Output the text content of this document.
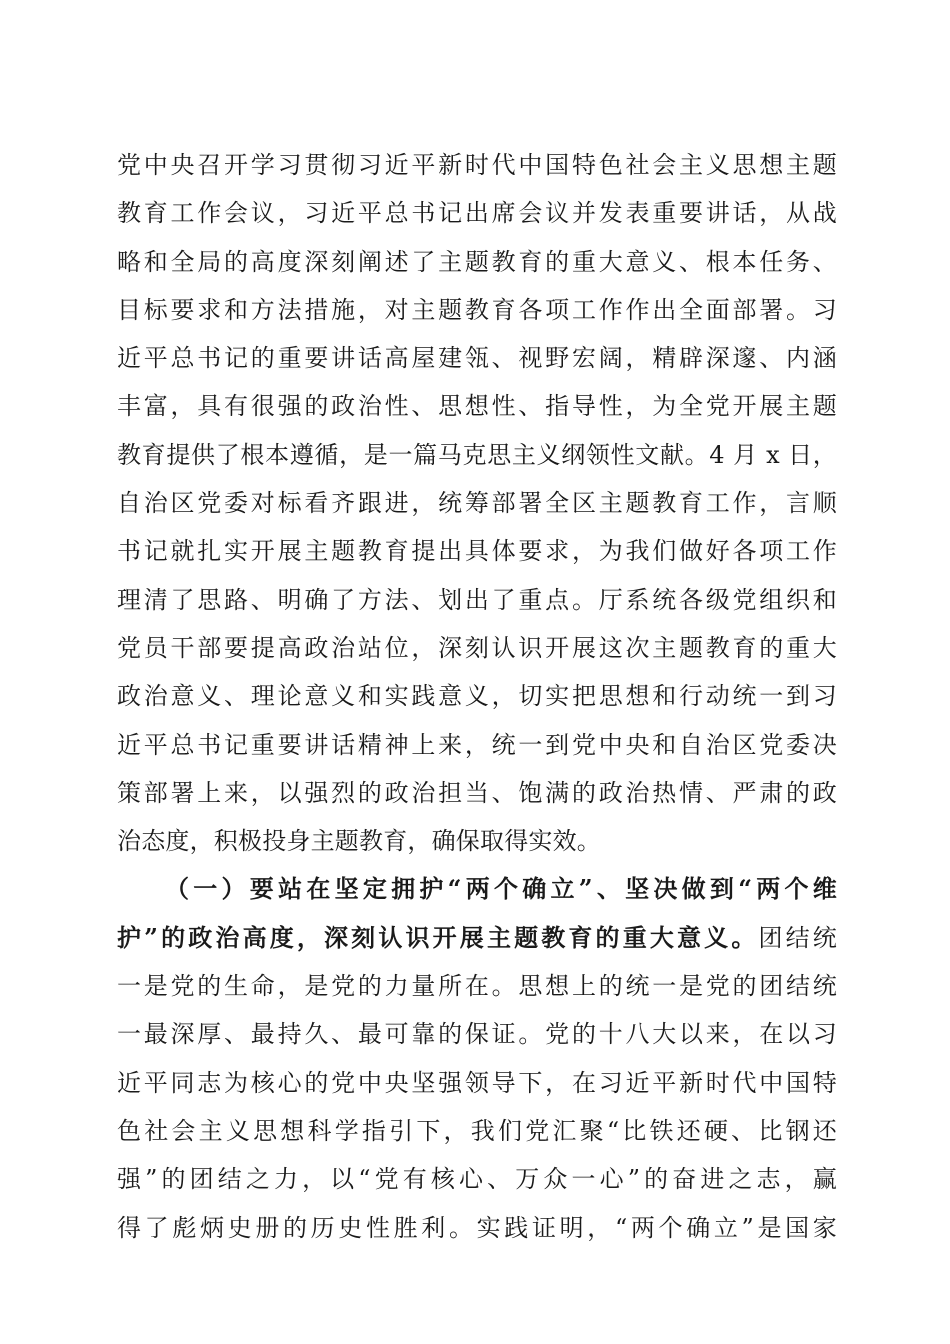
党中央召开学习贯彻习近平新时代中国特色社会主义思想主题
教育工作会议，习近平总书记出席会议并发表重要讲话，从战
略和全局的高度深刻阐述了主题教育的重大意义、根本任务、
目标要求和方法措施，对主题教育各项工作作出全面部署。习
近平总书记的重要讲话高屋建瓴、视野宏阔，精辟深邃、内涵
丰富，具有很强的政治性、思想性、指导性，为全党开展主题
教育提供了根本遵循，是一篇马克思主义纲领性文献。4 月 x 日，
自治区党委对标看齐跟进，统筹部署全区主题教育工作，言顺
书记就扎实开展主题教育提出具体要求，为我们做好各项工作
理清了思路、明确了方法、划出了重点。厅系统各级党组织和
党员干部要提高政治站位，深刻认识开展这次主题教育的重大
政治意义、理论意义和实践意义，切实把思想和行动统一到习
近平总书记重要讲话精神上来，统一到党中央和自治区党委决
策部署上来，以强烈的政治担当、饱满的政治热情、严肃的政
治态度，积极投身主题教育，确保取得实效。
（一）要站在坚定拥护“两个确立”、坚决做到“两个维
护”的政治高度，深刻认识开展主题教育的重大意义。团结统
一是党的生命，是党的力量所在。思想上的统一是党的团结统
一最深厚、最持久、最可靠的保证。党的十八大以来，在以习
近平同志为核心的党中央坚强领导下，在习近平新时代中国特
色社会主义思想科学指引下，我们党汇聚“比铁还硬、比钢还
强”的团结之力，以“党有核心、万众一心”的奋进之志，赢
得了彪炳史册的历史性胜利。实践证明，“两个确立”是国家
